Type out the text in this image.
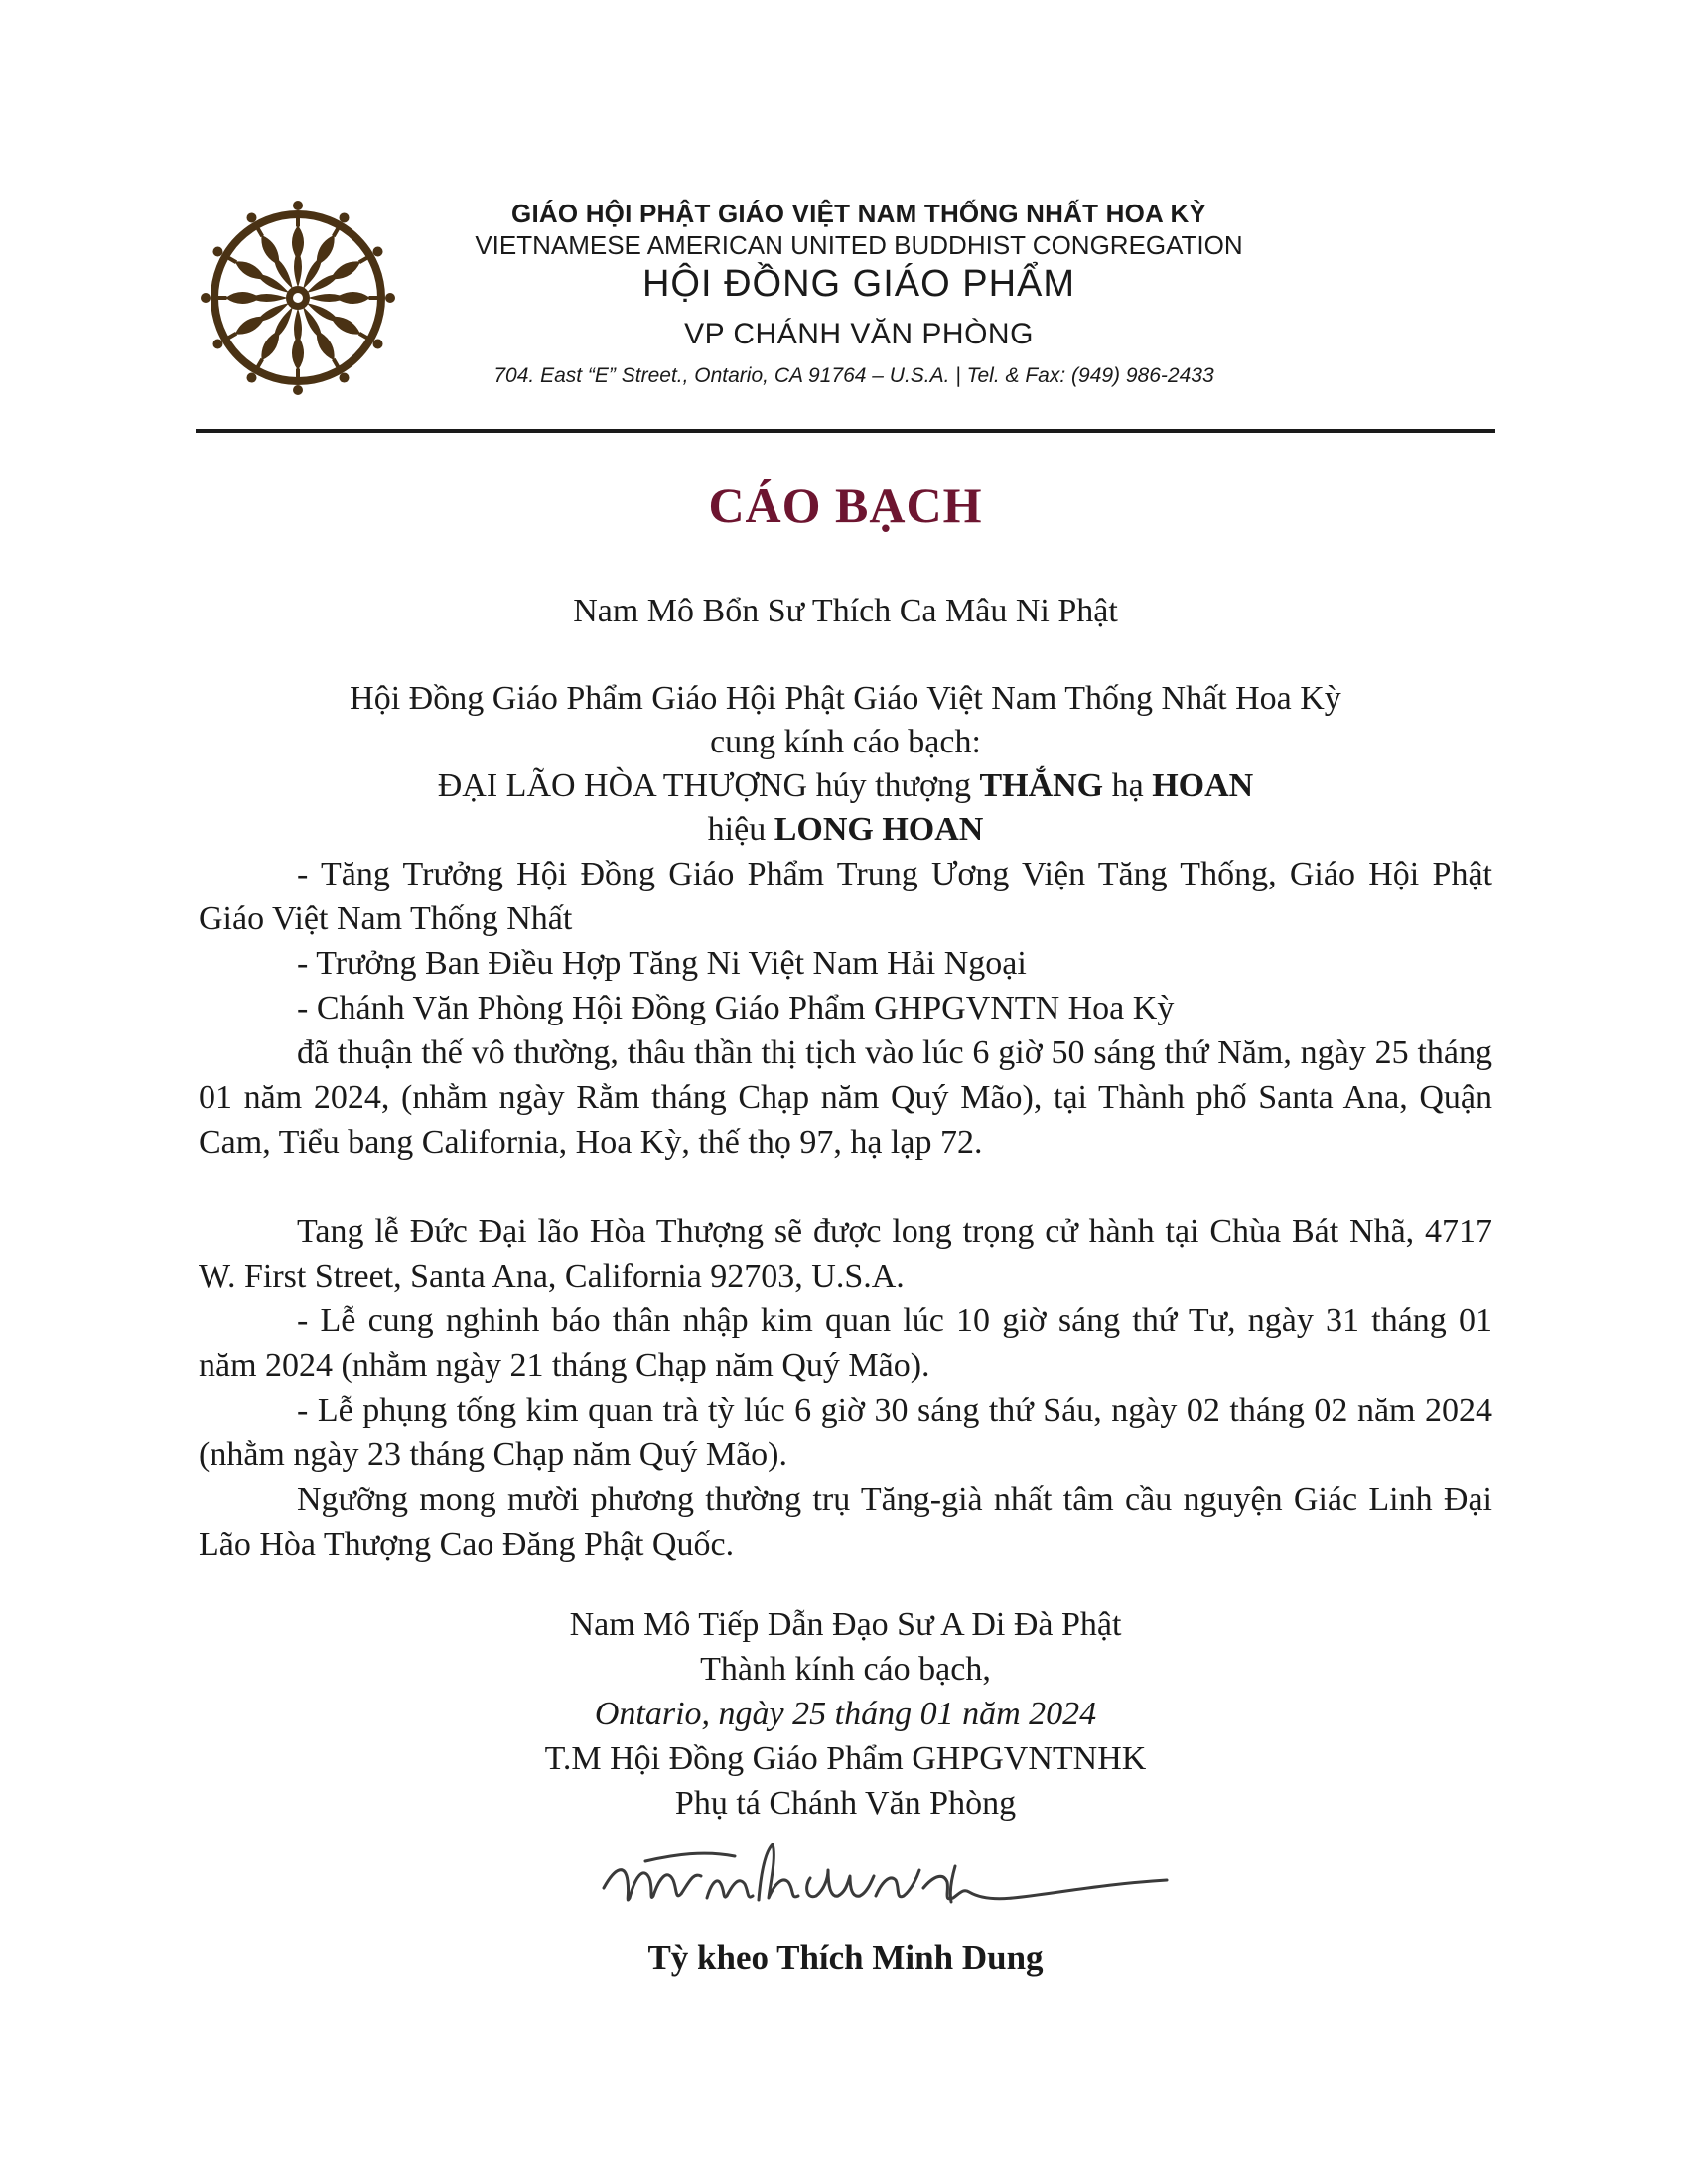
GIÁO HỘI PHẬT GIÁO VIỆT NAM THỐNG NHẤT HOA KỲ
VIETNAMESE AMERICAN UNITED BUDDHIST CONGREGATION
HỘI ĐỒNG GIÁO PHẨM
VP CHÁNH VĂN PHÒNG
704. East “E” Street., Ontario, CA 91764 – U.S.A. | Tel. & Fax: (949) 986-2433
CÁO BẠCH
Nam Mô Bổn Sư Thích Ca Mâu Ni Phật
Hội Đồng Giáo Phẩm Giáo Hội Phật Giáo Việt Nam Thống Nhất Hoa Kỳ
cung kính cáo bạch:
ĐẠI LÃO HÒA THƯỢNG húy thượng THẮNG hạ HOAN
hiệu LONG HOAN
- Tăng Trưởng Hội Đồng Giáo Phẩm Trung Ương Viện Tăng Thống, Giáo Hội Phật Giáo Việt Nam Thống Nhất
- Trưởng Ban Điều Hợp Tăng Ni Việt Nam Hải Ngoại
- Chánh Văn Phòng Hội Đồng Giáo Phẩm GHPGVNTN Hoa Kỳ
đã thuận thế vô thường, thâu thần thị tịch vào lúc 6 giờ 50 sáng thứ Năm, ngày 25 tháng 01 năm 2024, (nhằm ngày Rằm tháng Chạp năm Quý Mão), tại Thành phố Santa Ana, Quận Cam, Tiểu bang California, Hoa Kỳ, thế thọ 97, hạ lạp 72.
Tang lễ Đức Đại lão Hòa Thượng sẽ được long trọng cử hành tại Chùa Bát Nhã, 4717 W. First Street, Santa Ana, California 92703, U.S.A.
- Lễ cung nghinh báo thân nhập kim quan lúc 10 giờ sáng thứ Tư, ngày 31 tháng 01 năm 2024 (nhằm ngày 21 tháng Chạp năm Quý Mão).
- Lễ phụng tống kim quan trà tỳ lúc 6 giờ 30 sáng thứ Sáu, ngày 02 tháng 02 năm 2024 (nhằm ngày 23 tháng Chạp năm Quý Mão).
Ngưỡng mong mười phương thường trụ Tăng-già nhất tâm cầu nguyện Giác Linh Đại Lão Hòa Thượng Cao Đăng Phật Quốc.
Nam Mô Tiếp Dẫn Đạo Sư A Di Đà Phật
Thành kính cáo bạch,
Ontario, ngày 25 tháng 01 năm 2024
T.M Hội Đồng Giáo Phẩm GHPGVNTNHK
Phụ tá Chánh Văn Phòng
Tỳ kheo Thích Minh Dung
